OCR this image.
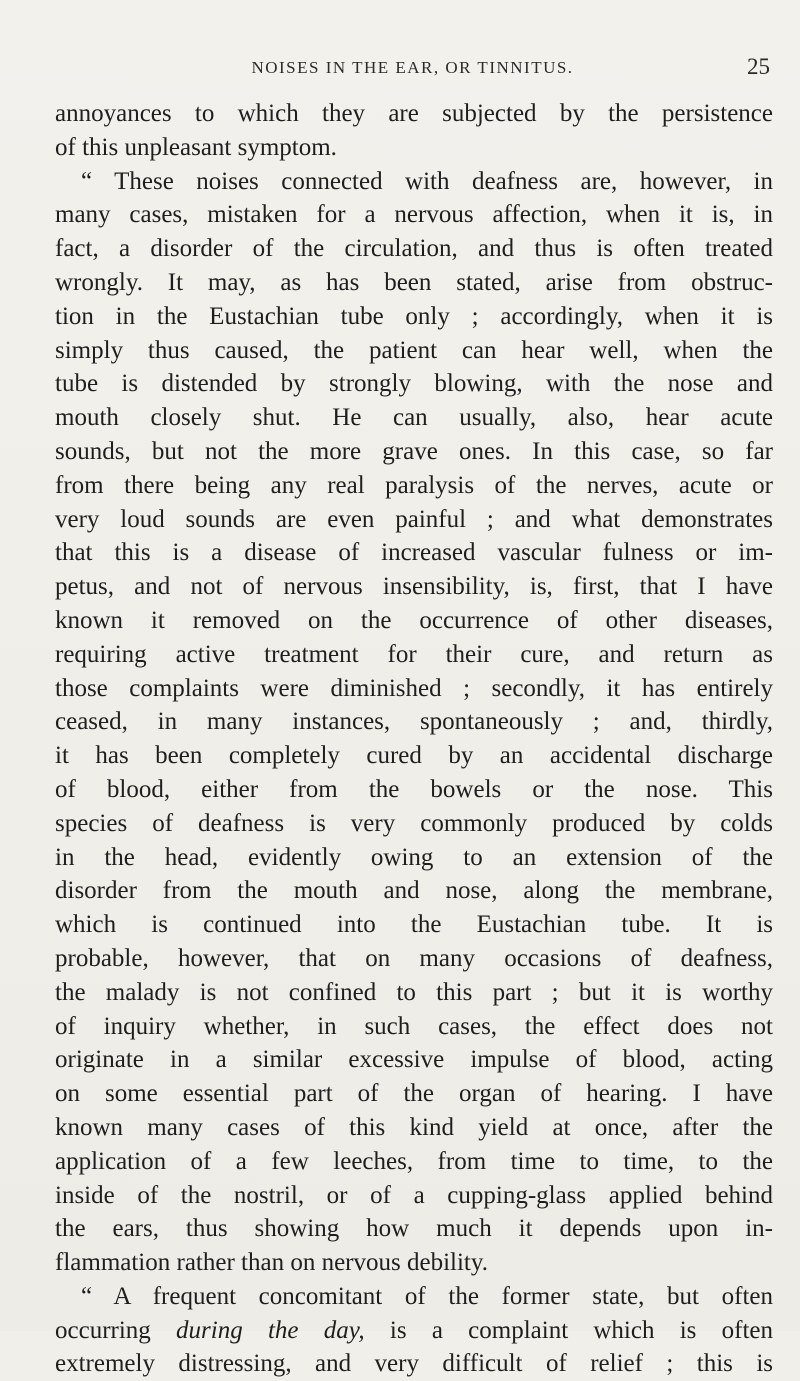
NOISES IN THE EAR, OR TINNITUS.	25
annoyances to which they are subjected by the persistence
of this unpleasant symptom.
“ These noises connected with deafness are, however, in
many cases, mistaken for a nervous affection, when it is, in
fact, a disorder of the circulation, and thus is often treated
wrongly. It may, as has been stated, arise from obstruc-
tion in the Eustachian tube only ; accordingly, when it is
simply thus caused, the patient can hear well, when the
tube is distended by strongly blowing, with the nose and
mouth closely shut. He can usually, also, hear acute
sounds, but not the more grave ones. In this case, so far
from there being any real paralysis of the nerves, acute or
very loud sounds are even painful ; and what demonstrates
that this is a disease of increased vascular fulness or im-
petus, and not of nervous insensibility, is, first, that I have
known it removed on the occurrence of other diseases,
requiring active treatment for their cure, and return as
those complaints were diminished ; secondly, it has entirely
ceased, in many instances, spontaneously ; and, thirdly,
it has been completely cured by an accidental discharge
of blood, either from the bowels or the nose. This
species of deafness is very commonly produced by colds
in the head, evidently owing to an extension of the
disorder from the mouth and nose, along the membrane,
which is continued into the Eustachian tube. It is
probable, however, that on many occasions of deafness,
the malady is not confined to this part ; but it is worthy
of inquiry whether, in such cases, the effect does not
originate in a similar excessive impulse of blood, acting
on some essential part of the organ of hearing. I have
known many cases of this kind yield at once, after the
application of a few leeches, from time to time, to the
inside of the nostril, or of a cupping-glass applied behind
the ears, thus showing how much it depends upon in-
flammation rather than on nervous debility.
“ A frequent concomitant of the former state, but often
occurring during the day, is a complaint which is often
extremely distressing, and very difficult of relief ; this is
